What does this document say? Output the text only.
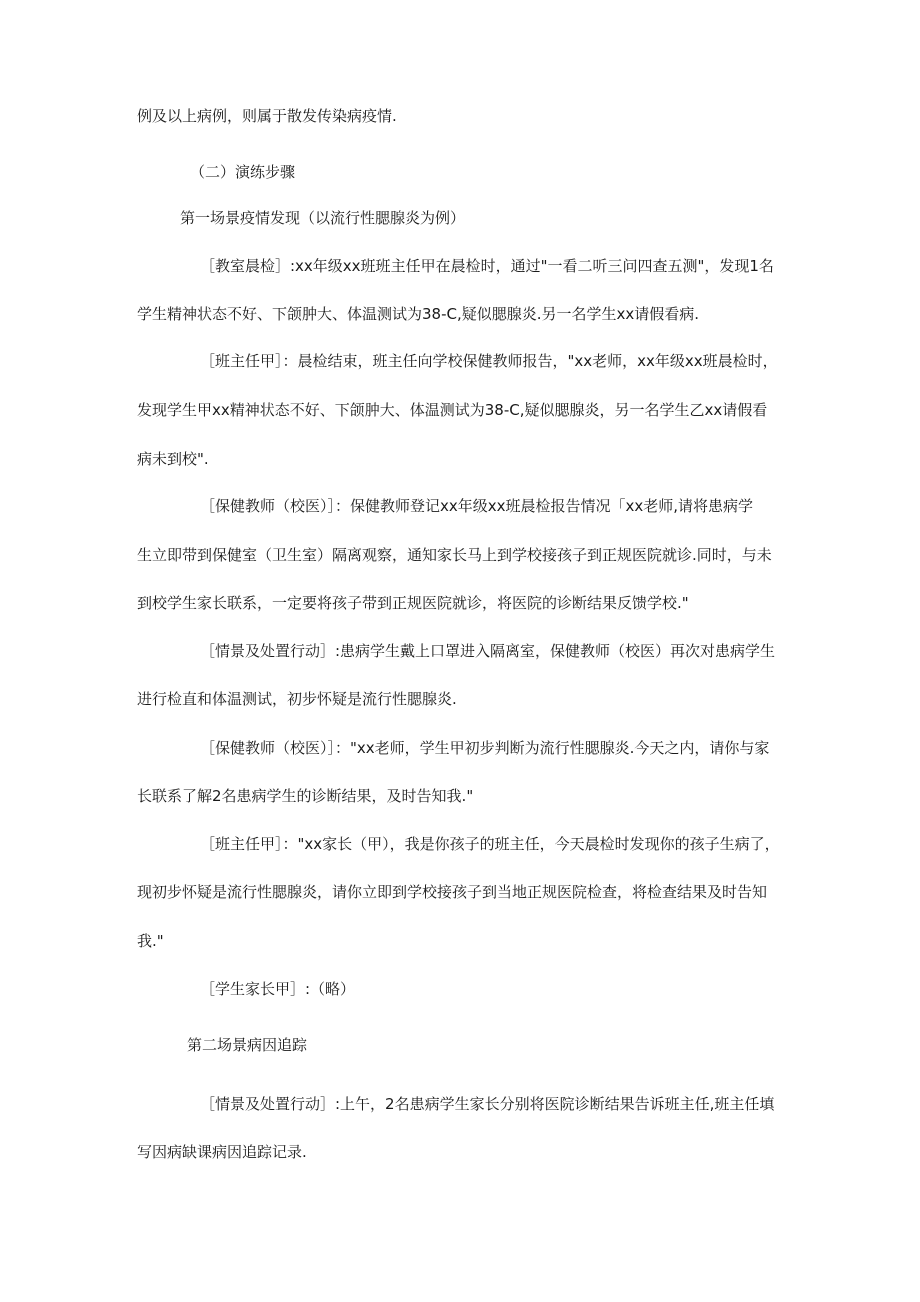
例及以上病例，则属于散发传染病疫情.
（二）演练步骤
第一场景疫情发现（以流行性腮腺炎为例）
［教室晨检］:xx年级xx班班主任甲在晨检时，通过"一看二听三问四查五测"，发现1名
学生精神状态不好、下颌肿大、体温测试为38-C,疑似腮腺炎.另一名学生xx请假看病.
［班主任甲］：晨检结束，班主任向学校保健教师报告，"xx老师，xx年级xx班晨检时，
发现学生甲xx精神状态不好、下颌肿大、体温测试为38-C,疑似腮腺炎，另一名学生乙xx请假看
病未到校".
［保健教师（校医）］：保健教师登记xx年级xx班晨检报告情况「xx老师,请将患病学
生立即带到保健室（卫生室）隔离观察，通知家长马上到学校接孩子到正规医院就诊.同时，与未
到校学生家长联系，一定要将孩子带到正规医院就诊，将医院的诊断结果反馈学校."
［情景及处置行动］:患病学生戴上口罩进入隔离室，保健教师（校医）再次对患病学生
进行检直和体温测试，初步怀疑是流行性腮腺炎.
［保健教师（校医）］："xx老师，学生甲初步判断为流行性腮腺炎.今天之内，请你与家
长联系了解2名患病学生的诊断结果，及时告知我."
［班主任甲］："xx家长（甲），我是你孩子的班主任，今天晨检时发现你的孩子生病了，
现初步怀疑是流行性腮腺炎，请你立即到学校接孩子到当地正规医院检查，将检查结果及时告知
我."
［学生家长甲］:（略）
第二场景病因追踪
［情景及处置行动］:上午，2名患病学生家长分别将医院诊断结果告诉班主任,班主任填
写因病缺课病因追踪记录.
